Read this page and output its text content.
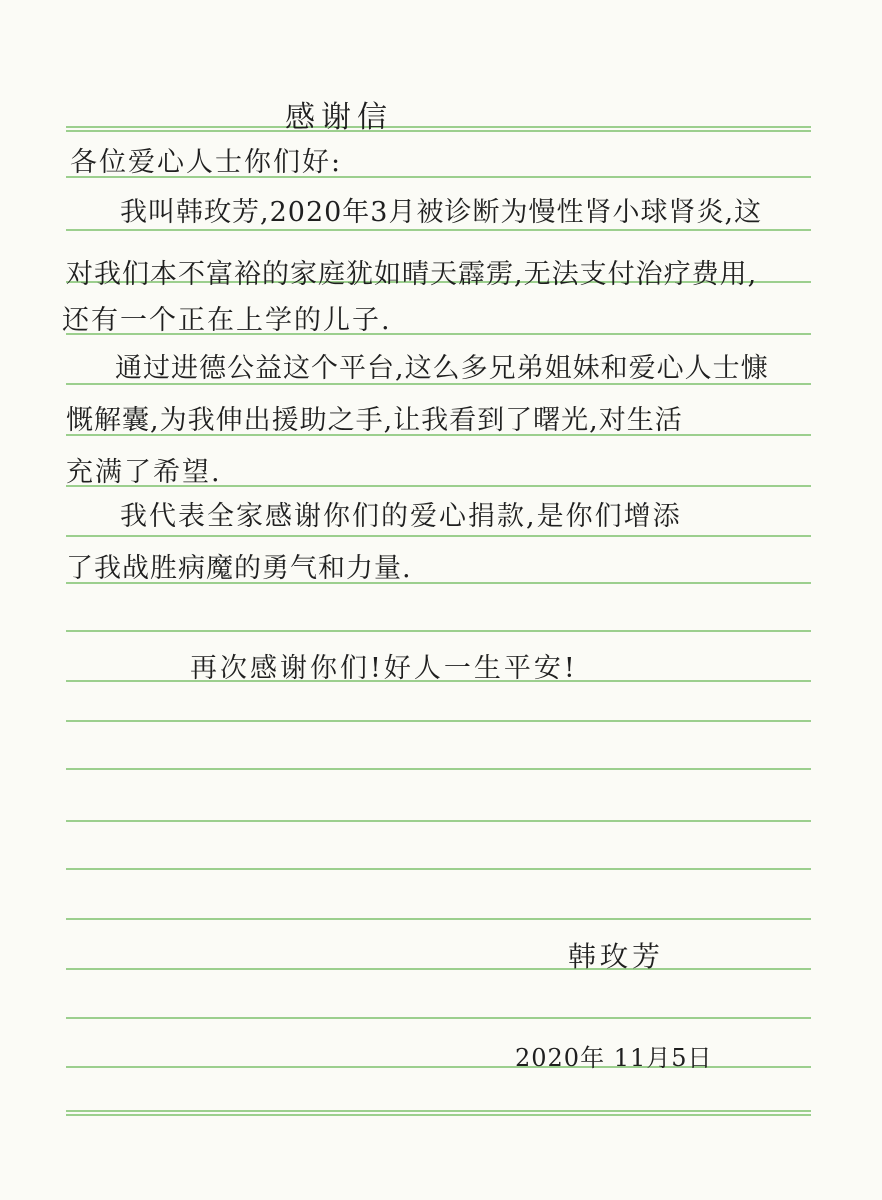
感谢信
各位爱心人士你们好:
我叫韩玫芳,2020年3月被诊断为慢性肾小球肾炎,这
对我们本不富裕的家庭犹如晴天霹雳,无法支付治疗费用,
还有一个正在上学的儿子.
通过进德公益这个平台,这么多兄弟姐妹和爱心人士慷
慨解囊,为我伸出援助之手,让我看到了曙光,对生活
充满了希望.
我代表全家感谢你们的爱心捐款,是你们增添
了我战胜病魔的勇气和力量.
再次感谢你们!好人一生平安!
韩玫芳
2020年 11月5日
